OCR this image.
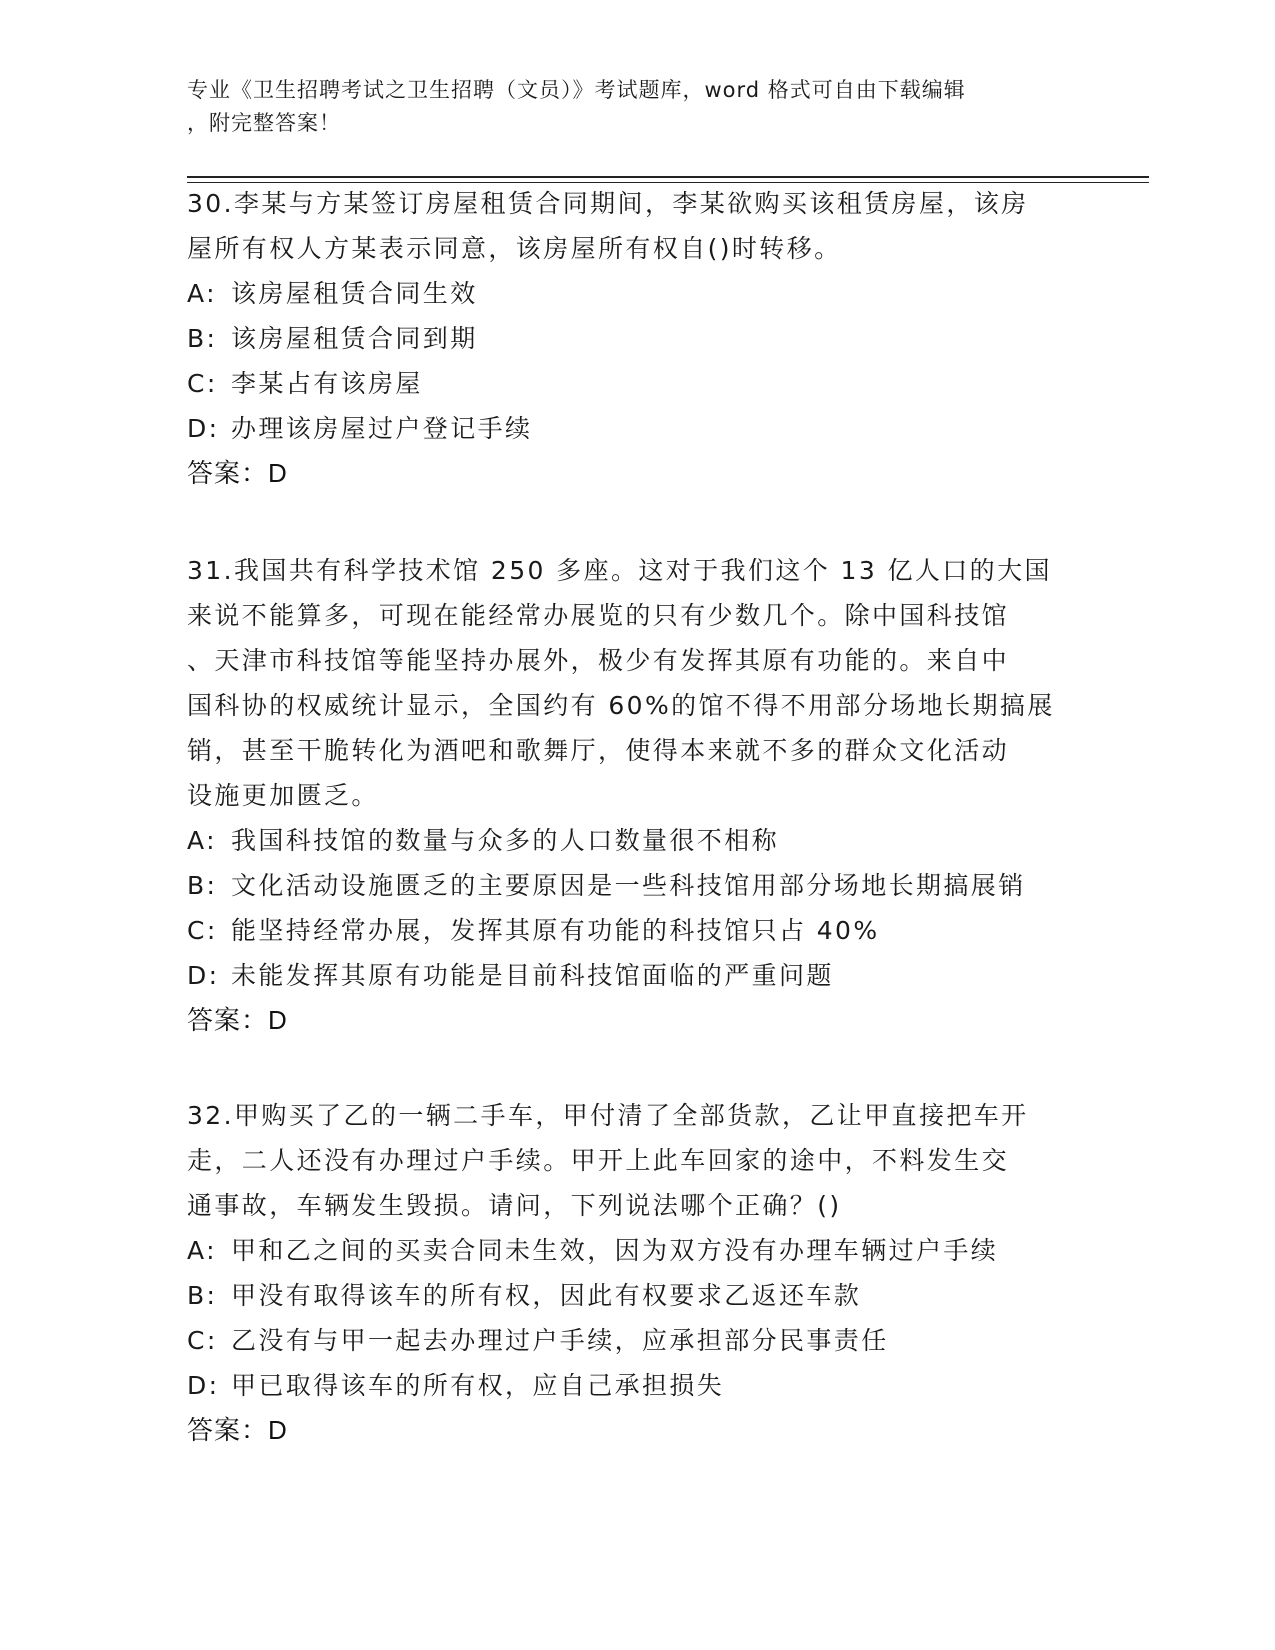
专业《卫生招聘考试之卫生招聘（文员）》考试题库，word 格式可自由下载编辑
，附完整答案！
30.李某与方某签订房屋租赁合同期间，李某欲购买该租赁房屋，该房
屋所有权人方某表示同意，该房屋所有权自()时转移。
A: 该房屋租赁合同生效
B: 该房屋租赁合同到期
C: 李某占有该房屋
D: 办理该房屋过户登记手续
答案：D
31.我国共有科学技术馆 250 多座。这对于我们这个 13 亿人口的大国
来说不能算多，可现在能经常办展览的只有少数几个。除中国科技馆
、天津市科技馆等能坚持办展外，极少有发挥其原有功能的。来自中
国科协的权威统计显示，全国约有 60%的馆不得不用部分场地长期搞展
销，甚至干脆转化为酒吧和歌舞厅，使得本来就不多的群众文化活动
设施更加匮乏。
A: 我国科技馆的数量与众多的人口数量很不相称
B: 文化活动设施匮乏的主要原因是一些科技馆用部分场地长期搞展销
C: 能坚持经常办展，发挥其原有功能的科技馆只占 40%
D: 未能发挥其原有功能是目前科技馆面临的严重问题
答案：D
32.甲购买了乙的一辆二手车，甲付清了全部货款，乙让甲直接把车开
走，二人还没有办理过户手续。甲开上此车回家的途中，不料发生交
通事故，车辆发生毁损。请问，下列说法哪个正确？()
A: 甲和乙之间的买卖合同未生效，因为双方没有办理车辆过户手续
B: 甲没有取得该车的所有权，因此有权要求乙返还车款
C: 乙没有与甲一起去办理过户手续，应承担部分民事责任
D: 甲已取得该车的所有权，应自己承担损失
答案：D
